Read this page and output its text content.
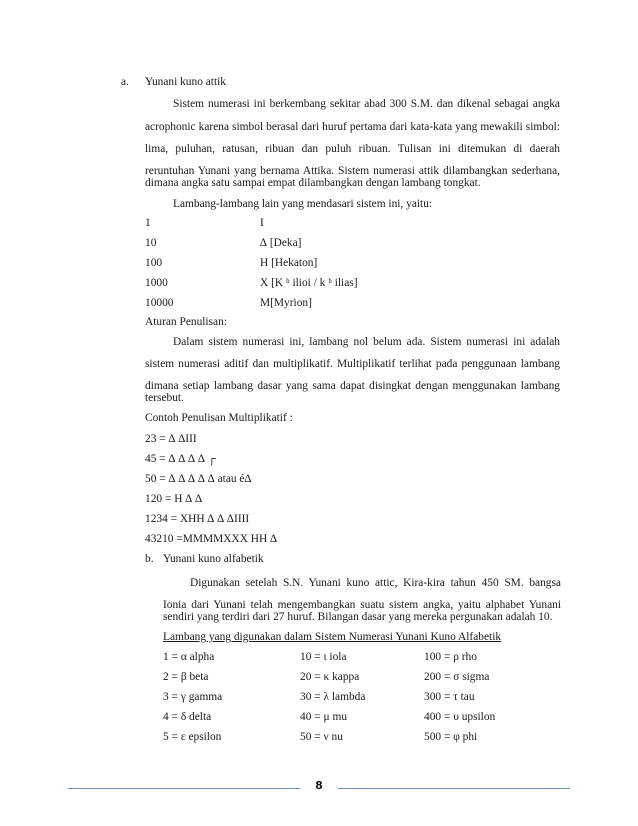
a. Yunani kuno attik
Sistem numerasi ini berkembang sekitar abad 300 S.M. dan dikenal sebagai angka
acrophonic karena simbol berasal dari huruf pertama dari kata-kata yang mewakili simbol:
lima, puluhan, ratusan, ribuan dan puluh ribuan. Tulisan ini ditemukan di daerah
reruntuhan Yunani yang bernama Attika. Sistem numerasi attik dilambangkan sederhana,
dimana angka satu sampai empat dilambangkan dengan lambang tongkat.
Lambang-lambang lain yang mendasari sistem ini, yaitu:
1	I
10	∆ [Deka]
100	H [Hekaton]
1000	X [K ʰ ilioi / k ʰ ilias]
10000	M[Myrion]
Aturan Penulisan:
Dalam sistem numerasi ini, lambang nol belum ada. Sistem numerasi ini adalah
sistem numerasi aditif dan multiplikatif. Multiplikatif terlihat pada penggunaan lambang
dimana setiap lambang dasar yang sama dapat disingkat dengan menggunakan lambang
tersebut.
Contoh Penulisan Multiplikatif :
23 = ∆ ∆III
45 = ∆ ∆ ∆ ∆ ┌
50 = ∆ ∆ ∆ ∆ ∆ atau é∆
120 = H ∆ ∆
1234 = XHH ∆ ∆ ∆IIII
43210 =MMMMXXX HH ∆
b. Yunani kuno alfabetik
Digunakan setelah S.N. Yunani kuno attic, Kira-kira tahun 450 SM. bangsa
Ionia dari Yunani telah mengembangkan suatu sistem angka, yaitu alphabet Yunani
sendiri yang terdiri dari 27 huruf. Bilangan dasar yang mereka pergunakan adalah 10.
Lambang yang digunakan dalam Sistem Numerasi Yunani Kuno Alfabetik
1 = α alpha	10 = ι iola	100 = ρ rho
2 = β beta	20 = κ kappa	200 = σ sigma
3 = γ gamma	30 = λ lambda	300 = τ tau
4 = δ delta	40 = μ mu	400 = υ upsilon
5 = ε epsilon	50 = ν nu	500 = φ phi
8
